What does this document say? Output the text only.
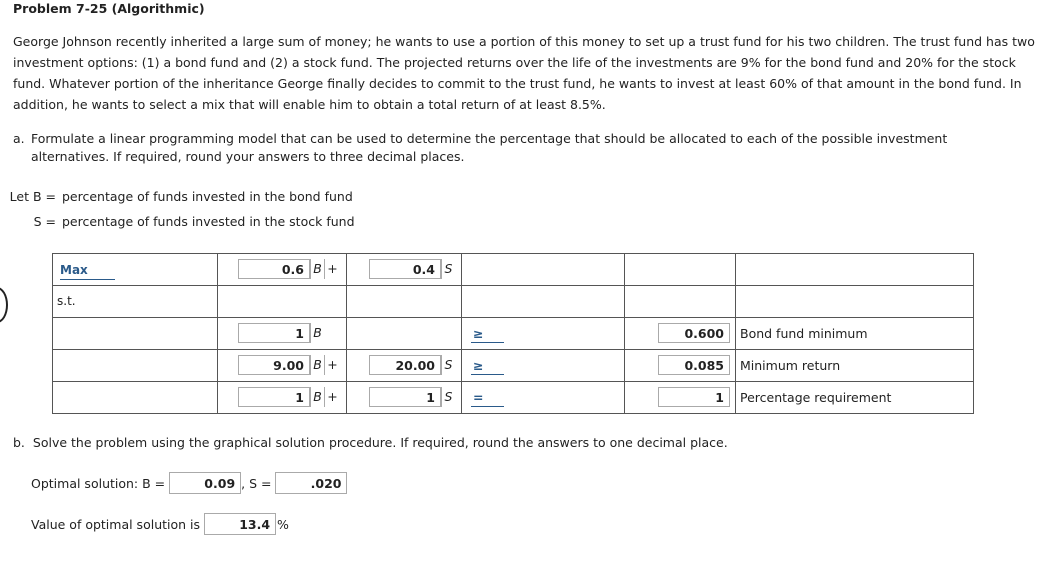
Problem 7-25 (Algorithmic)
George Johnson recently inherited a large sum of money; he wants to use a portion of this money to set up a trust fund for his two children. The trust fund has two investment options: (1) a bond fund and (2) a stock fund. The projected returns over the life of the investments are 9% for the bond fund and 20% for the stock fund. Whatever portion of the inheritance George finally decides to commit to the trust fund, he wants to invest at least 60% of that amount in the bond fund. In addition, he wants to select a mix that will enable him to obtain a total return of at least 8.5%.
a. Formulate a linear programming model that can be used to determine the percentage that should be allocated to each of the possible investment alternatives. If required, round your answers to three decimal places.
Let B = percentage of funds invested in the bond fund
S = percentage of funds invested in the stock fund
Max	0.6 B +	0.4 S			

s.t.					

	1 B		≥	0.600	Bond fund minimum

	9.00 B +	20.00 S	≥	0.085	Minimum return

	1 B +	1 S	=	1	Percentage requirement
b. Solve the problem using the graphical solution procedure. If required, round the answers to one decimal place.
Optimal solution: B =	0.09 , S =	.020
Value of optimal solution is	13.4 %
